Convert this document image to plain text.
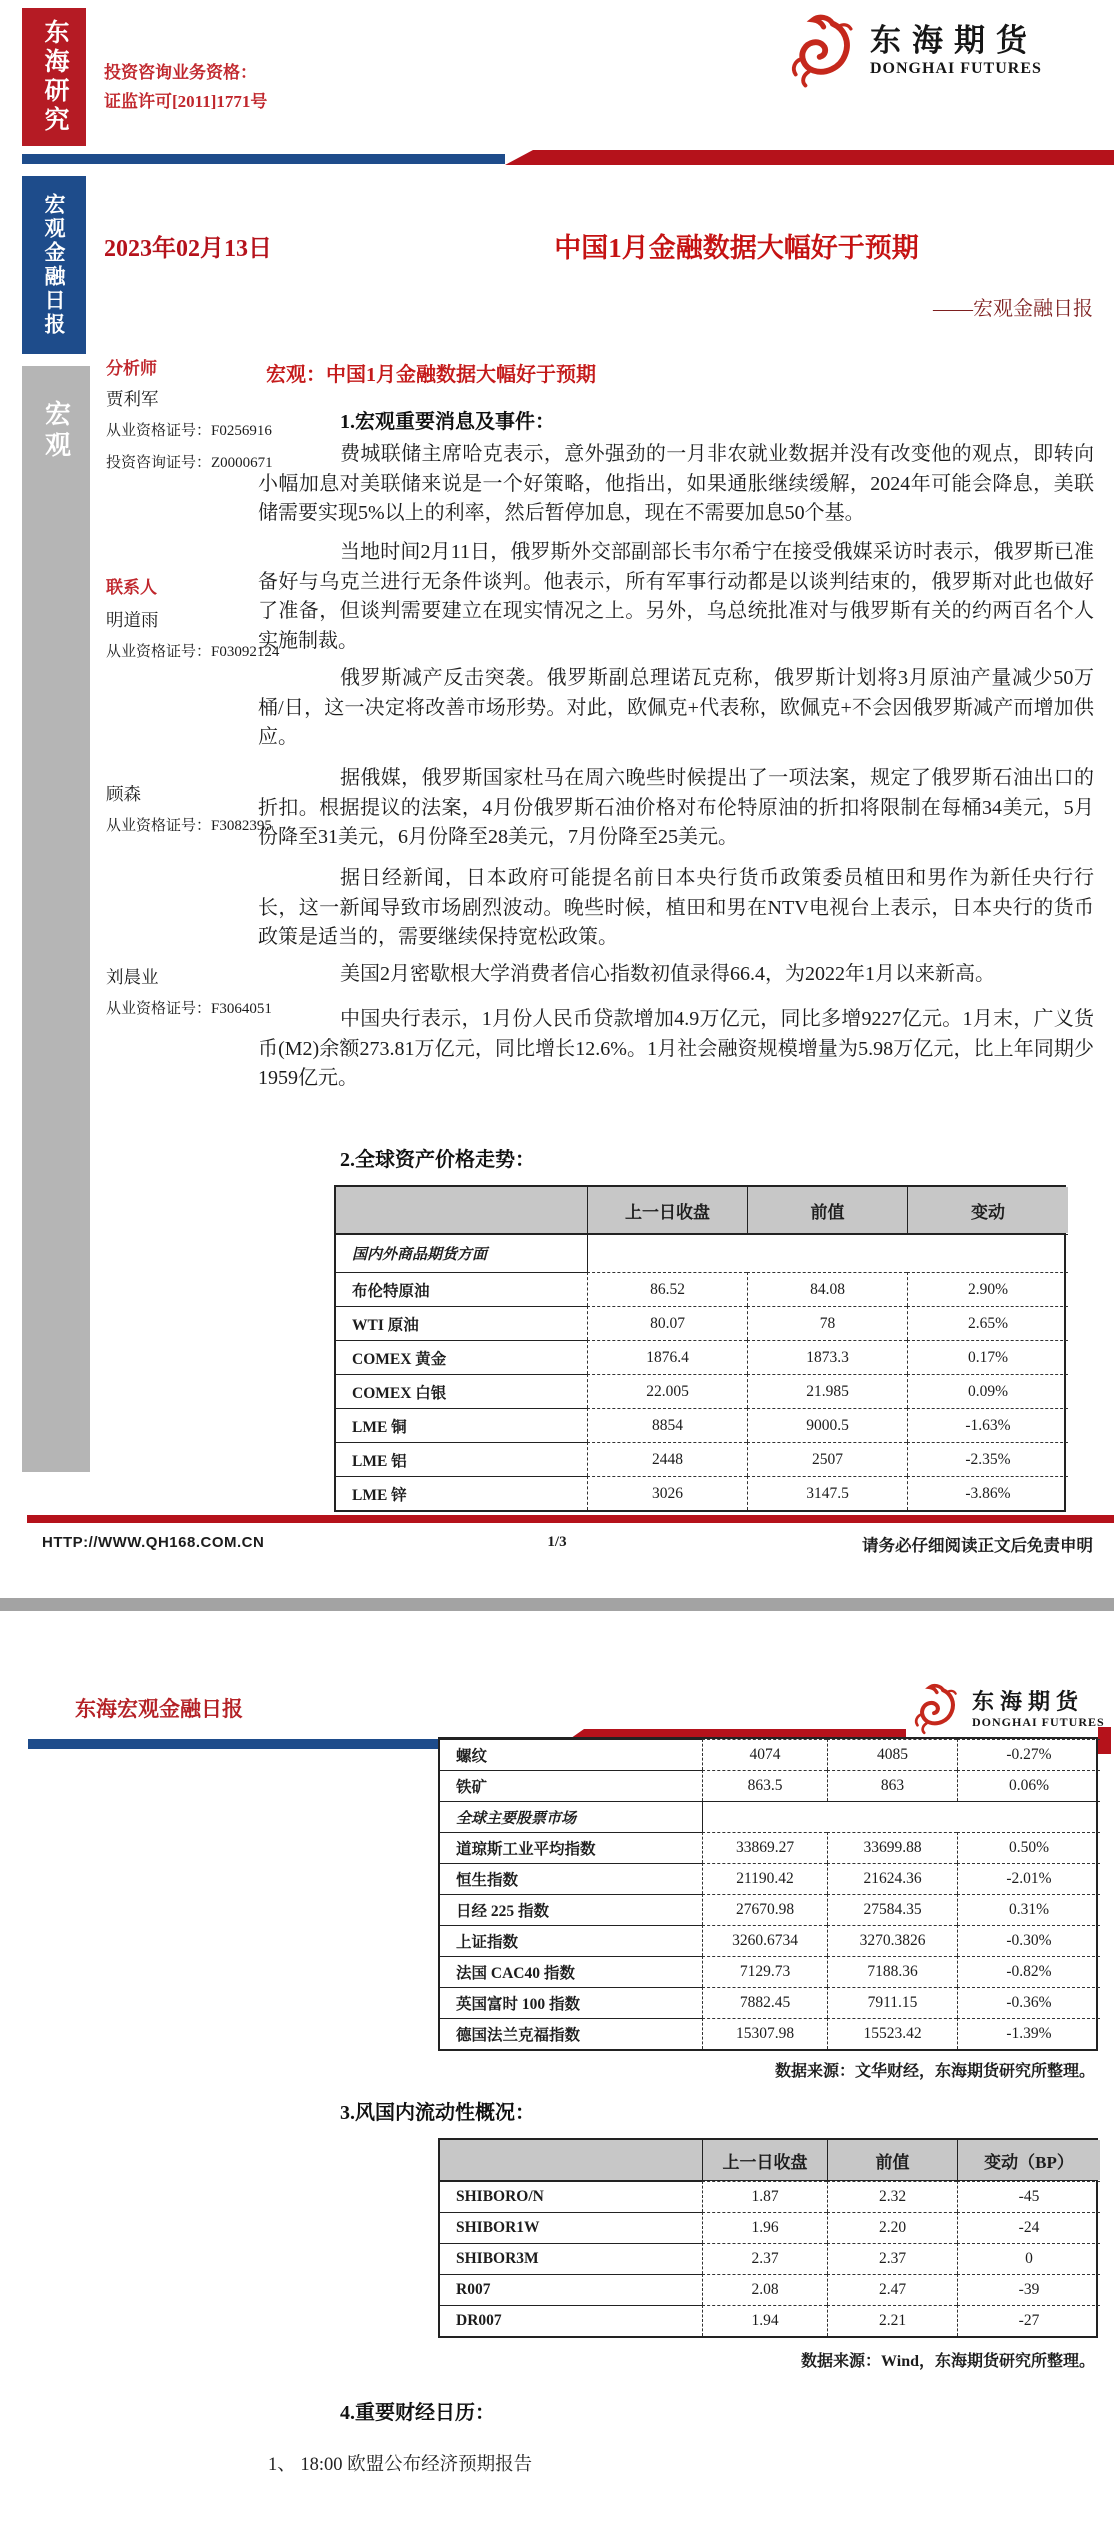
东海研究 投资咨询业务资格：
证监许可[2011]1771号
东海期货
DONGHAI FUTURES
宏观金融日报
宏观
2023年02月13日	中国1月金融数据大幅好于预期
——宏观金融日报
分析师
贾利军
从业资格证号：F0256916
投资咨询证号：Z0000671
联系人
明道雨
从业资格证号：F03092124
顾森
从业资格证号：F3082395
刘晨业
从业资格证号：F3064051
宏观：中国1月金融数据大幅好于预期
1.宏观重要消息及事件：
费城联储主席哈克表示，意外强劲的一月非农就业数据并没有改变他的观点，即转向小幅加息对美联储来说是一个好策略，他指出，如果通胀继续缓解，2024年可能会降息，美联储需要实现5%以上的利率，然后暂停加息，现在不需要加息50个基。
当地时间2月11日，俄罗斯外交部副部长韦尔希宁在接受俄媒采访时表示，俄罗斯已准备好与乌克兰进行无条件谈判。他表示，所有军事行动都是以谈判结束的，俄罗斯对此也做好了准备，但谈判需要建立在现实情况之上。另外，乌总统批准对与俄罗斯有关的约两百名个人实施制裁。
俄罗斯减产反击突袭。俄罗斯副总理诺瓦克称，俄罗斯计划将3月原油产量减少50万桶/日，这一决定将改善市场形势。对此，欧佩克+代表称，欧佩克+不会因俄罗斯减产而增加供应。
据俄媒，俄罗斯国家杜马在周六晚些时候提出了一项法案，规定了俄罗斯石油出口的折扣。根据提议的法案，4月份俄罗斯石油价格对布伦特原油的折扣将限制在每桶34美元，5月份降至31美元，6月份降至28美元，7月份降至25美元。
据日经新闻，日本政府可能提名前日本央行货币政策委员植田和男作为新任央行行长，这一新闻导致市场剧烈波动。晚些时候，植田和男在NTV电视台上表示，日本央行的货币政策是适当的，需要继续保持宽松政策。
美国2月密歇根大学消费者信心指数初值录得66.4，为2022年1月以来新高。
中国央行表示，1月份人民币贷款增加4.9万亿元，同比多增9227亿元。1月末，广义货币(M2)余额273.81万亿元，同比增长12.6%。1月社会融资规模增量为5.98万亿元，比上年同期少1959亿元。
2.全球资产价格走势：
上一日收盘	前值	变动
国内外商品期货方面
布伦特原油	86.52	84.08	2.90%
WTI 原油	80.07	78	2.65%
COMEX 黄金	1876.4	1873.3	0.17%
COMEX 白银	22.005	21.985	0.09%
LME 铜	8854	9000.5	-1.63%
LME 铝	2448	2507	-2.35%
LME 锌	3026	3147.5	-3.86%
HTTP://WWW.QH168.COM.CN	1/3	请务必仔细阅读正文后免责申明
东海宏观金融日报	东海期货
DONGHAI FUTURES
螺纹	4074	4085	-0.27%
铁矿	863.5	863	0.06%
全球主要股票市场
道琼斯工业平均指数	33869.27	33699.88	0.50%
恒生指数	21190.42	21624.36	-2.01%
日经 225 指数	27670.98	27584.35	0.31%
上证指数	3260.6734	3270.3826	-0.30%
法国 CAC40 指数	7129.73	7188.36	-0.82%
英国富时 100 指数	7882.45	7911.15	-0.36%
德国法兰克福指数	15307.98	15523.42	-1.39%
数据来源：文华财经，东海期货研究所整理。
3.风国内流动性概况：
上一日收盘	前值	变动（BP）
SHIBORO/N	1.87	2.32	-45
SHIBOR1W	1.96	2.20	-24
SHIBOR3M	2.37	2.37	0
R007	2.08	2.47	-39
DR007	1.94	2.21	-27
数据来源：Wind，东海期货研究所整理。
4.重要财经日历：
1、 18:00 欧盟公布经济预期报告
